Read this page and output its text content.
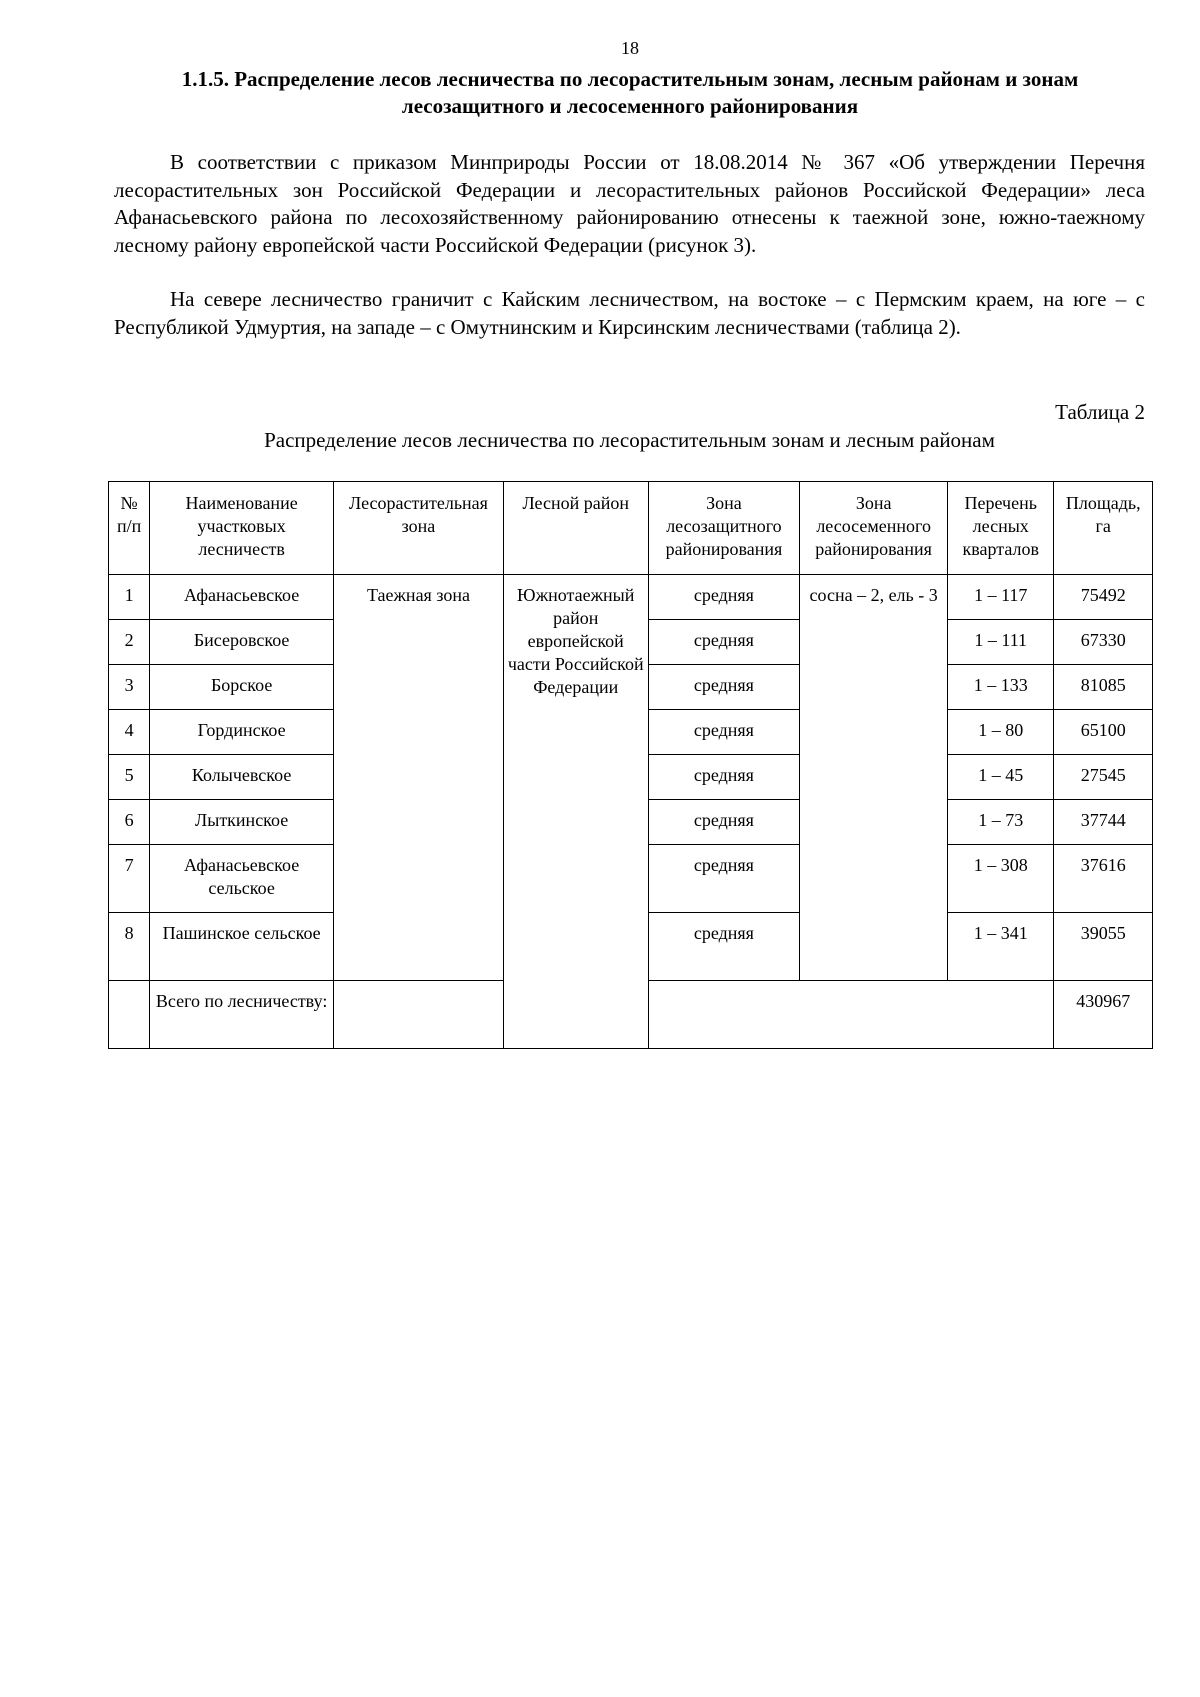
18
1.1.5. Распределение лесов лесничества по лесорастительным зонам, лесным районам и зонам лесозащитного и лесосеменного районирования

В соответствии с приказом Минприроды России от 18.08.2014 № 367 «Об утверждении Перечня лесорастительных зон Российской Федерации и лесорастительных районов Российской Федерации» леса Афанасьевского района по лесохозяйственному районированию отнесены к таежной зоне, южно-таежному лесному району европейской части Российской Федерации (рисунок 3).

На севере лесничество граничит с Кайским лесничеством, на востоке – с Пермским краем, на юге – с Республикой Удмуртия, на западе – с Омутнинским и Кирсинским лесничествами (таблица 2).

Таблица 2
Распределение лесов лесничества по лесорастительным зонам и лесным районам
№ п/п	Наименование участковых лесничеств	Лесорастительная зона	Лесной район	Зона лесозащитного районирования	Зона лесосеменного районирования	Перечень лесных кварталов	Площадь, га
1	Афанасьевское	Таежная зона	Южнотаежный район европейской части Российской Федерации	средняя	сосна – 2, ель - 3	1 – 117	75492
2	Бисеровское			средняя		1 – 111	67330
3	Борское			средняя		1 – 133	81085
4	Гординское			средняя		1 – 80	65100
5	Колычевское			средняя		1 – 45	27545
6	Лыткинское			средняя		1 – 73	37744
7	Афанасьевское сельское			средняя		1 – 308	37616
8	Пашинское сельское			средняя		1 – 341	39055
	Всего по лесничеству:						430967
